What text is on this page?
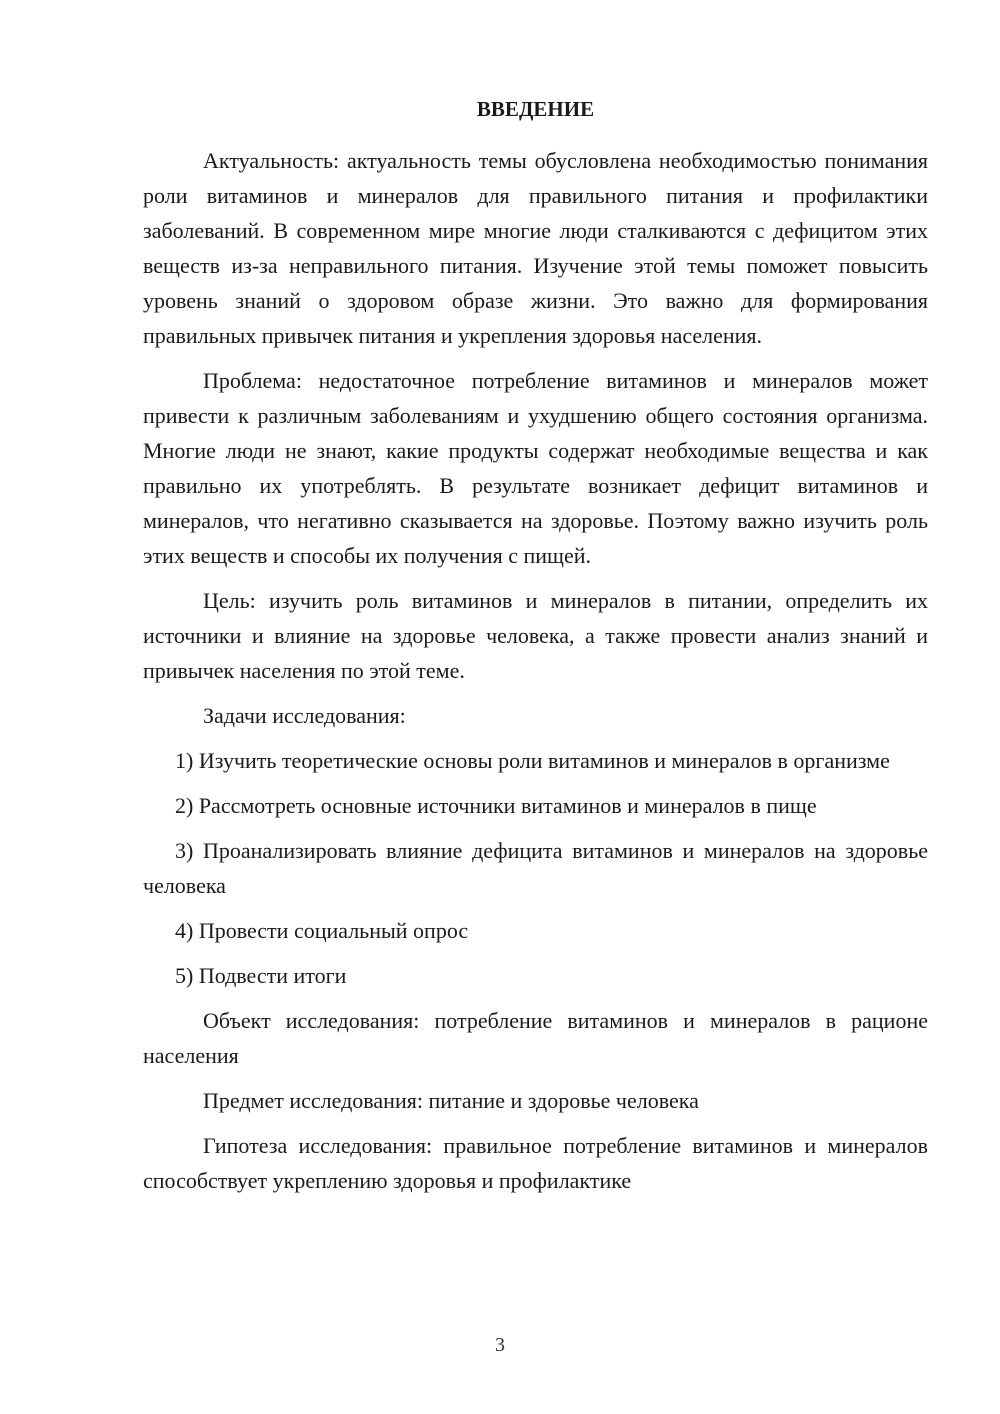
ВВЕДЕНИЕ

Актуальность: актуальность темы обусловлена необходимостью понимания роли витаминов и минералов для правильного питания и профилактики заболеваний. В современном мире многие люди сталкиваются с дефицитом этих веществ из-за неправильного питания. Изучение этой темы поможет повысить уровень знаний о здоровом образе жизни. Это важно для формирования правильных привычек питания и укрепления здоровья населения.

Проблема: недостаточное потребление витаминов и минералов может привести к различным заболеваниям и ухудшению общего состояния организма. Многие люди не знают, какие продукты содержат необходимые вещества и как правильно их употреблять. В результате возникает дефицит витаминов и минералов, что негативно сказывается на здоровье. Поэтому важно изучить роль этих веществ и способы их получения с пищей.

Цель: изучить роль витаминов и минералов в питании, определить их источники и влияние на здоровье человека, а также провести анализ знаний и привычек населения по этой теме.

Задачи исследования:

1) Изучить теоретические основы роли витаминов и минералов в организме

2) Рассмотреть основные источники витаминов и минералов в пище

3) Проанализировать влияние дефицита витаминов и минералов на здоровье человека

4) Провести социальный опрос

5) Подвести итоги

Объект исследования: потребление витаминов и минералов в рационе населения

Предмет исследования: питание и здоровье человека

Гипотеза исследования: правильное потребление витаминов и минералов способствует укреплению здоровья и профилактике

3
